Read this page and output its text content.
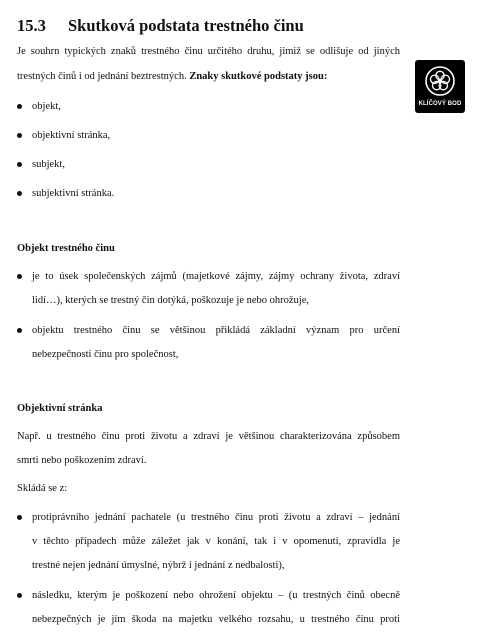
15.3 Skutková podstata trestného činu
Je souhrn typických znaků trestného činu určitého druhu, jimiž se odlišuje od jiných
trestných činů i od jednání beztrestných. Znaky skutkové podstaty jsou:
KLÍČOVÝ BOD
objekt,
objektivní stránka,
subjekt,
subjektivní stránka.
Objekt trestného činu
je to úsek společenských zájmů (majetkové zájmy, zájmy ochrany života, zdraví
lidí…), kterých se trestný čin dotýká, poškozuje je nebo ohrožuje,
objektu trestného činu se většinou přikládá základní význam pro určení
nebezpečnosti činu pro společnost,
Objektivní stránka
Např. u trestného činu proti životu a zdraví je většinou charakterizována způsobem
smrti nebo poškozením zdraví.
Skládá se z:
protiprávního jednání pachatele (u trestného činu proti životu a zdraví – jednání
v těchto případech může záležet jak v konání, tak i v opomenutí, zpravidla je
trestné nejen jednání úmyslné, nýbrž i jednání z nedbalosti),
následku, kterým je poškození nebo ohrožení objektu – (u trestných činů obecně
nebezpečných je jím škoda na majetku velkého rozsahu, u trestného činu proti
